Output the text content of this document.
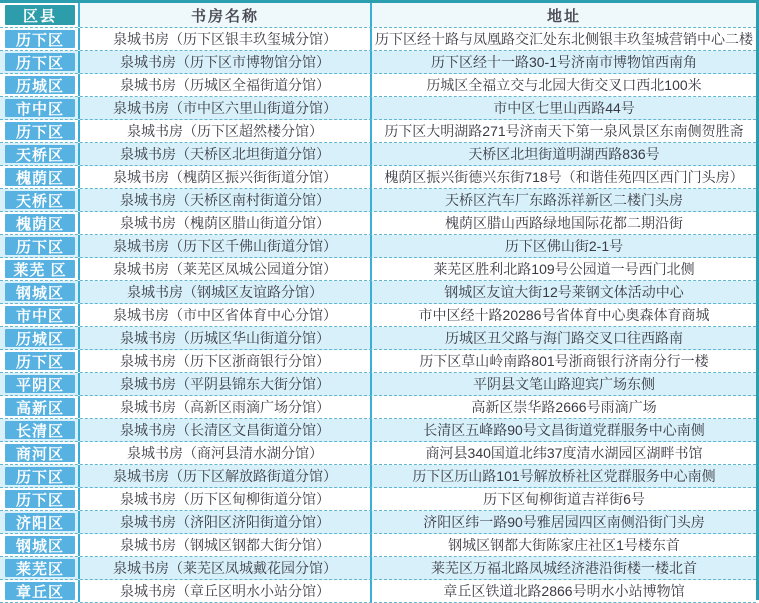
区县	书房名称	地址
历下区	泉城书房（历下区银丰玖玺城分馆）	历下区经十路与凤凰路交汇处东北侧银丰玖玺城营销中心二楼
历下区	泉城书房（历下区市博物馆分馆）	历下区经十一路30-1号济南市博物馆西南角
历城区	泉城书房（历城区全福街道分馆）	历城区全福立交与北园大街交叉口西北100米
市中区	泉城书房（市中区六里山街道分馆）	市中区七里山西路44号
历下区	泉城书房（历下区超然楼分馆）	历下区大明湖路271号济南天下第一泉风景区东南侧贺胜斋
天桥区	泉城书房（天桥区北坦街道分馆）	天桥区北坦街道明湖西路836号
槐荫区	泉城书房（槐荫区振兴街街道分馆）	槐荫区振兴街德兴东街718号（和谐佳苑四区西门门头房）
天桥区	泉城书房（天桥区南村街道分馆）	天桥区汽车厂东路泺祥新区二楼门头房
槐荫区	泉城书房（槐荫区腊山街道分馆）	槐荫区腊山西路绿地国际花都二期沿街
历下区	泉城书房（历下区千佛山街道分馆）	历下区佛山街2-1号
莱芜 区	泉城书房（莱芜区凤城公园道分馆）	莱芜区胜利北路109号公园道一号西门北侧
钢城区	泉城书房（钢城区友谊路分馆）	钢城区友谊大街12号莱钢文体活动中心
市中区	泉城书房（市中区省体育中心分馆）	市中区经十路20286号省体育中心奥森体育商城
历城区	泉城书房（历城区华山街道分馆）	历城区丑父路与海门路交叉口往西路南
历下区	泉城书房（历下区浙商银行分馆）	历下区草山岭南路801号浙商银行济南分行一楼
平阴区	泉城书房（平阴县锦东大街分馆）	平阴县文笔山路迎宾广场东侧
高新区	泉城书房（高新区雨滴广场分馆）	高新区崇华路2666号雨滴广场
长清区	泉城书房（长清区文昌街道分馆）	长清区五峰路90号文昌街道党群服务中心南侧
商河区	泉城书房（商河县清水湖分馆）	商河县340国道北纬37度清水湖园区湖畔书馆
历下区	泉城书房（历下区解放路街道分馆）	历下区历山路101号解放桥社区党群服务中心南侧
历下区	泉城书房（历下区甸柳街道分馆）	历下区甸柳街道吉祥街6号
济阳区	泉城书房（济阳区济阳街道分馆）	济阳区纬一路90号雅居园四区南侧沿街门头房
钢城区	泉城书房（钢城区钢都大街分馆）	钢城区钢都大街陈家庄社区1号楼东首
莱芜区	泉城书房（莱芜区凤城戴花园分馆）	莱芜区万福北路凤城经济港沿街楼一楼北首
章丘区	泉城书房（章丘区明水小站分馆）	章丘区铁道北路2866号明水小站博物馆
